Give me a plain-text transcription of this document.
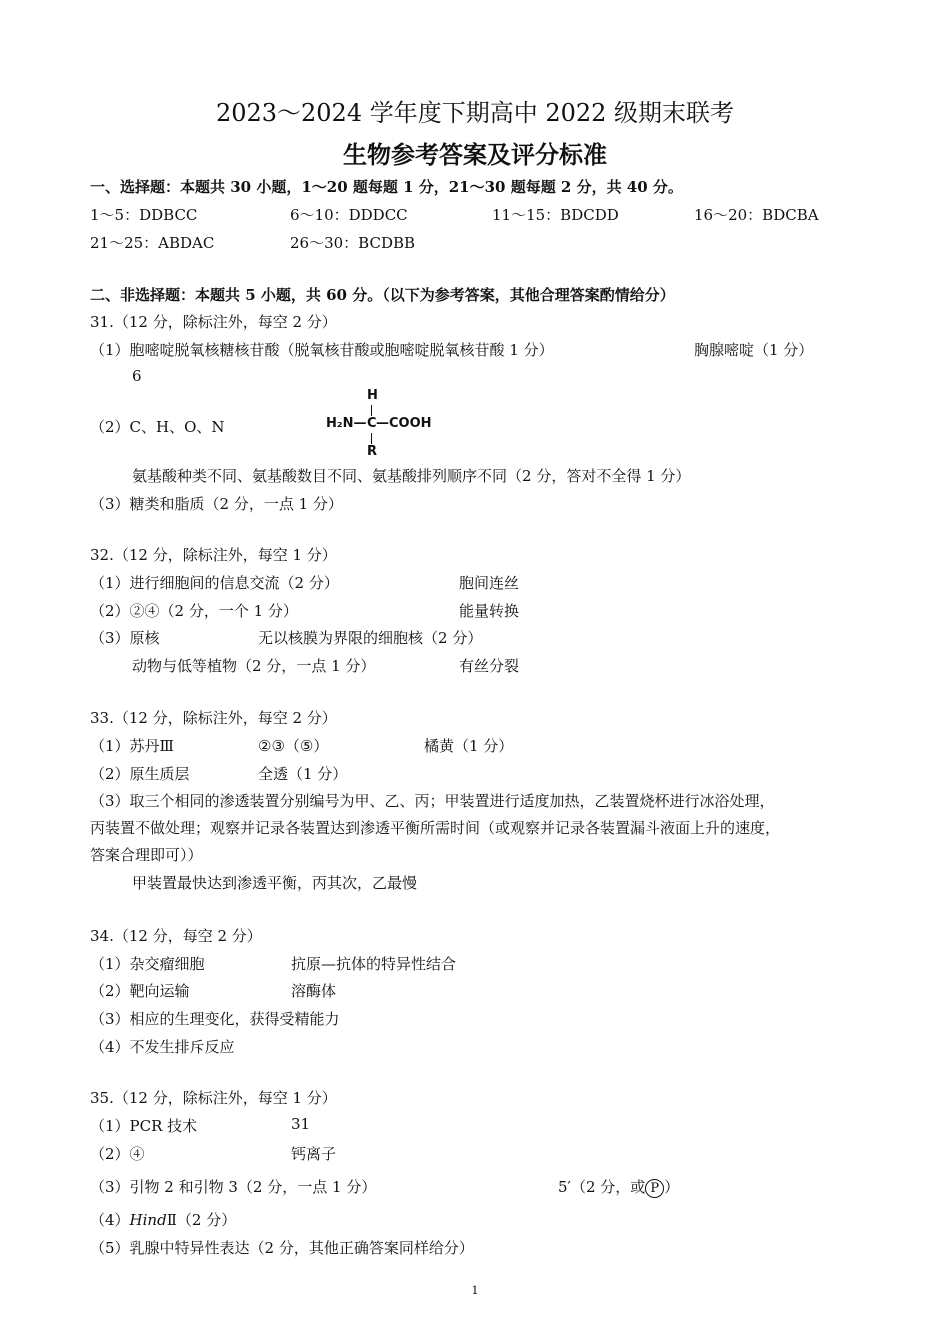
2023～2024 学年度下期高中 2022 级期末联考
生物参考答案及评分标准
一、选择题：本题共 30 小题，1～20 题每题 1 分，21～30 题每题 2 分，共 40 分。
1～5：DDBCC	6～10：DDDCC	11～15：BDCDD	16～20：BDCBA
21～25：ABDAC	26～30：BCDBB
二、非选择题：本题共 5 小题，共 60 分。（以下为参考答案，其他合理答案酌情给分）
31.（12 分，除标注外，每空 2 分）
（1）胞嘧啶脱氧核糖核苷酸（脱氧核苷酸或胞嘧啶脱氧核苷酸 1 分）	胸腺嘧啶（1 分）
6
（2）C、H、O、N
H
H₂N— C —COOH
R
氨基酸种类不同、氨基酸数目不同、氨基酸排列顺序不同（2 分，答对不全得 1 分）
（3）糖类和脂质（2 分，一点 1 分）
32.（12 分，除标注外，每空 1 分）
（1）进行细胞间的信息交流（2 分）	胞间连丝
（2）②④（2 分，一个 1 分）	能量转换
（3）原核	无以核膜为界限的细胞核（2 分）
动物与低等植物（2 分，一点 1 分）	有丝分裂
33.（12 分，除标注外，每空 2 分）
（1）苏丹Ⅲ	②③（⑤）	橘黄（1 分）
（2）原生质层	全透（1 分）
（3）取三个相同的渗透装置分别编号为甲、乙、丙；甲装置进行适度加热，乙装置烧杯进行冰浴处理，
丙装置不做处理；观察并记录各装置达到渗透平衡所需时间（或观察并记录各装置漏斗液面上升的速度，
答案合理即可））
甲装置最快达到渗透平衡，丙其次，乙最慢
34.（12 分，每空 2 分）
（1）杂交瘤细胞	抗原—抗体的特异性结合
（2）靶向运输	溶酶体
（3）相应的生理变化，获得受精能力
（4）不发生排斥反应
35.（12 分，除标注外，每空 1 分）
（1）PCR 技术	31
（2）④	钙离子
（3）引物 2 和引物 3（2 分，一点 1 分）	5′（2 分，或 P ）
（4）HindⅡ（2 分）
（5）乳腺中特异性表达（2 分，其他正确答案同样给分）
1
